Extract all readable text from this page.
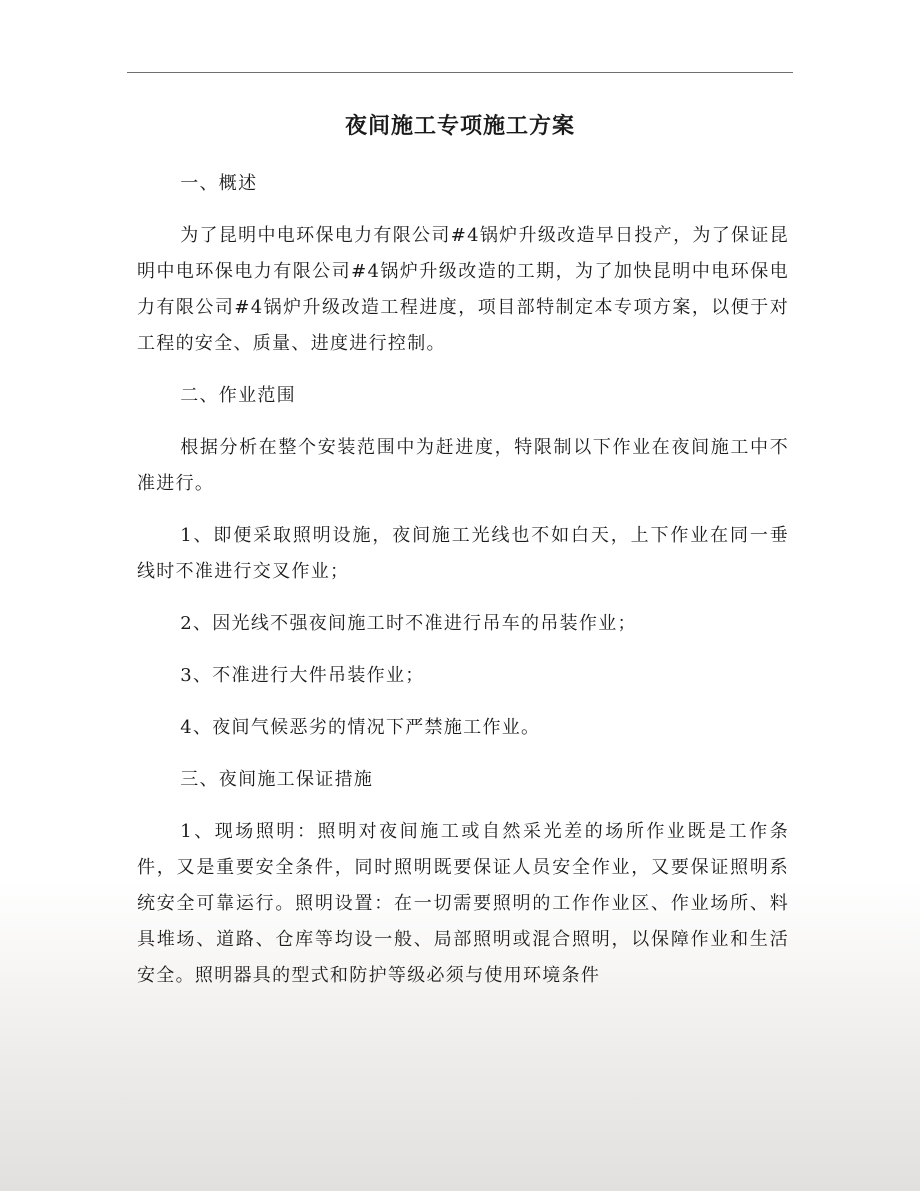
夜间施工专项施工方案

一、概述

为了昆明中电环保电力有限公司#4锅炉升级改造早日投产，为了保证昆明中电环保电力有限公司#4锅炉升级改造的工期，为了加快昆明中电环保电力有限公司#4锅炉升级改造工程进度，项目部特制定本专项方案，以便于对工程的安全、质量、进度进行控制。

二、作业范围

根据分析在整个安装范围中为赶进度，特限制以下作业在夜间施工中不准进行。

1、即便采取照明设施，夜间施工光线也不如白天，上下作业在同一垂线时不准进行交叉作业；

2、因光线不强夜间施工时不准进行吊车的吊装作业；

3、不准进行大件吊装作业；

4、夜间气候恶劣的情况下严禁施工作业。

三、夜间施工保证措施

1、现场照明：照明对夜间施工或自然采光差的场所作业既是工作条件，又是重要安全条件，同时照明既要保证人员安全作业，又要保证照明系统安全可靠运行。照明设置：在一切需要照明的工作作业区、作业场所、料具堆场、道路、仓库等均设一般、局部照明或混合照明，以保障作业和生活安全。照明器具的型式和防护等级必须与使用环境条件
